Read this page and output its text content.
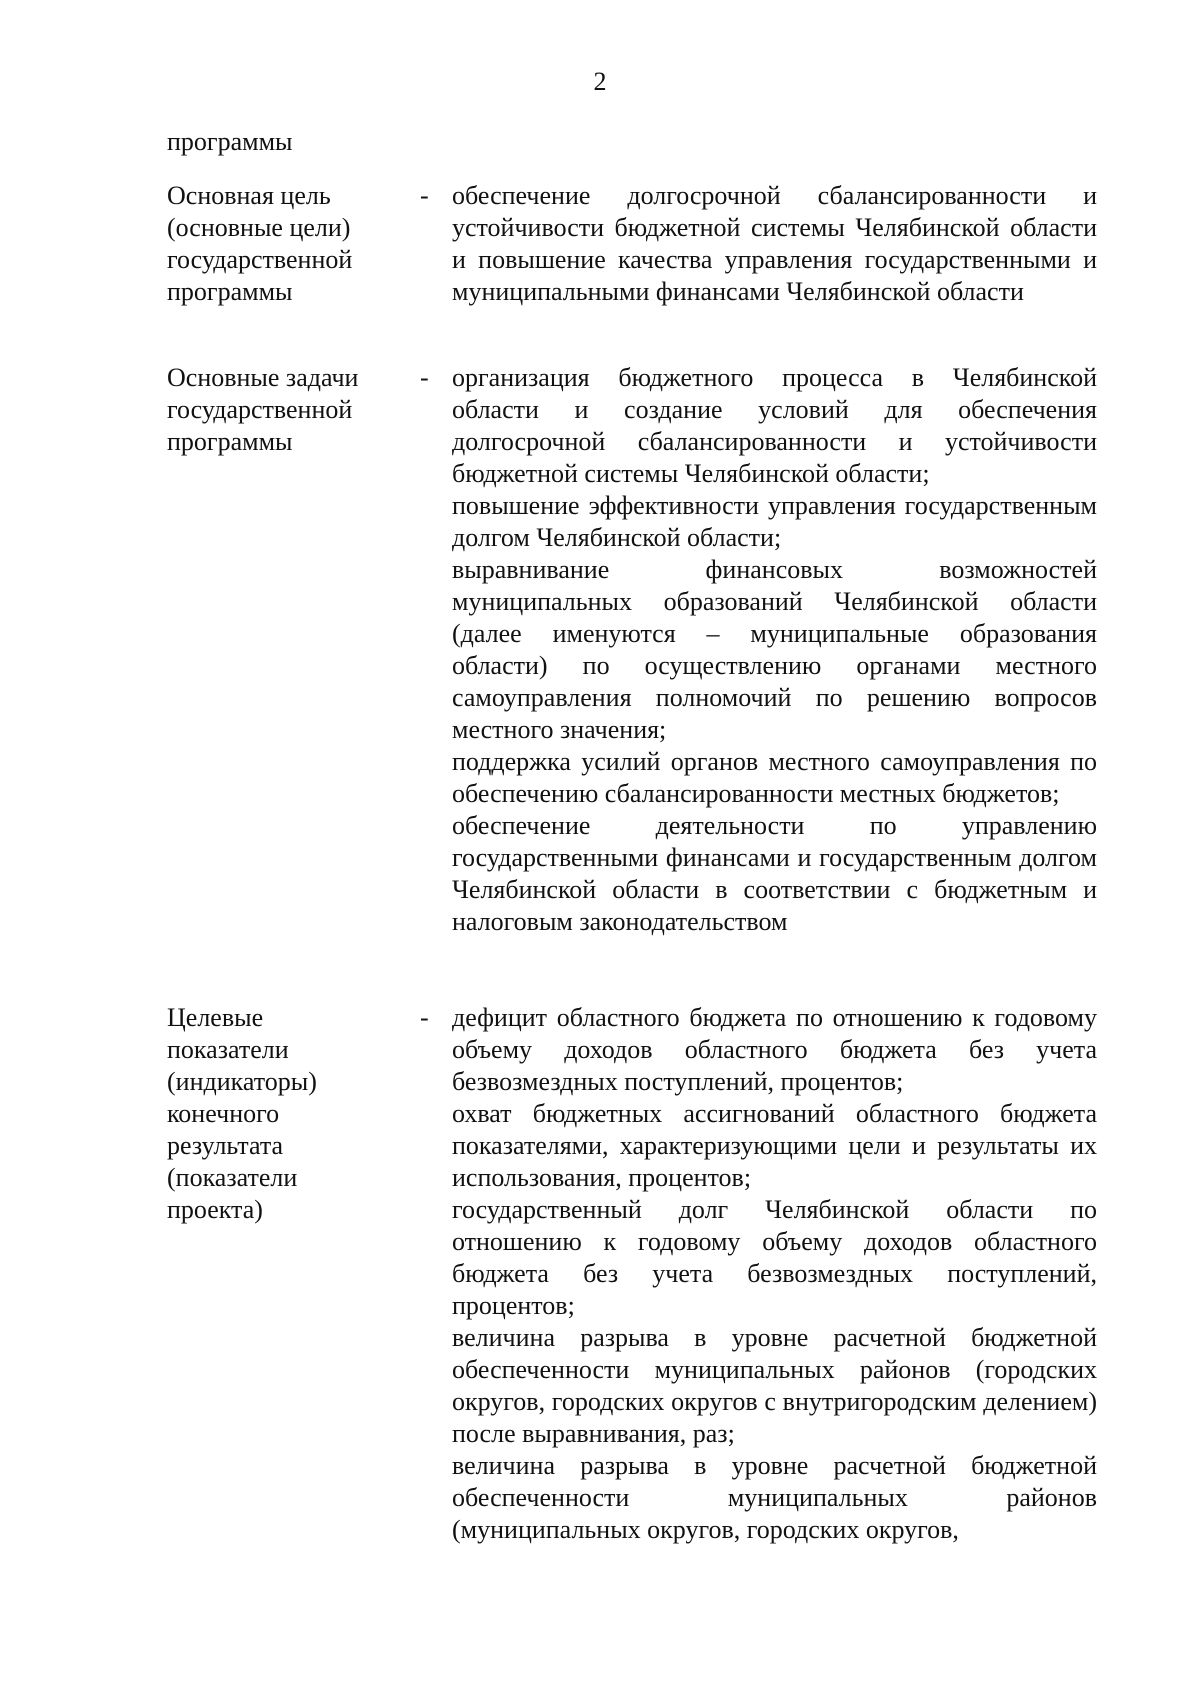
2
программы
Основная цель
(основные цели)
государственной
программы
- обеспечение долгосрочной сбалансированности и устойчивости бюджетной системы Челябинской области и повышение качества управления государственными и муниципальными финансами Челябинской области

Основные задачи
государственной
программы
- организация бюджетного процесса в Челябинской области и создание условий для обеспечения долгосрочной сбалансированности и устойчивости бюджетной системы Челябинской области;

повышение эффективности управления государственным долгом Челябинской области;

выравнивание финансовых возможностей муниципальных образований Челябинской области (далее именуются – муниципальные образования области) по осуществлению органами местного самоуправления полномочий по решению вопросов местного значения;

поддержка усилий органов местного самоуправления по обеспечению сбалансированности местных бюджетов;

обеспечение деятельности по управлению государственными финансами и государственным долгом Челябинской области в соответствии с бюджетным и налоговым законодательством

Целевые
показатели
(индикаторы)
конечного
результата
(показатели
проекта)
- дефицит областного бюджета по отношению к годовому объему доходов областного бюджета без учета безвозмездных поступлений, процентов;

охват бюджетных ассигнований областного бюджета показателями, характеризующими цели и результаты их использования, процентов;

государственный долг Челябинской области по отношению к годовому объему доходов областного бюджета без учета безвозмездных поступлений, процентов;

величина разрыва в уровне расчетной бюджетной обеспеченности муниципальных районов (городских округов, городских округов с внутригородским делением) после выравнивания, раз;

величина разрыва в уровне расчетной бюджетной обеспеченности муниципальных районов (муниципальных округов, городских округов,
